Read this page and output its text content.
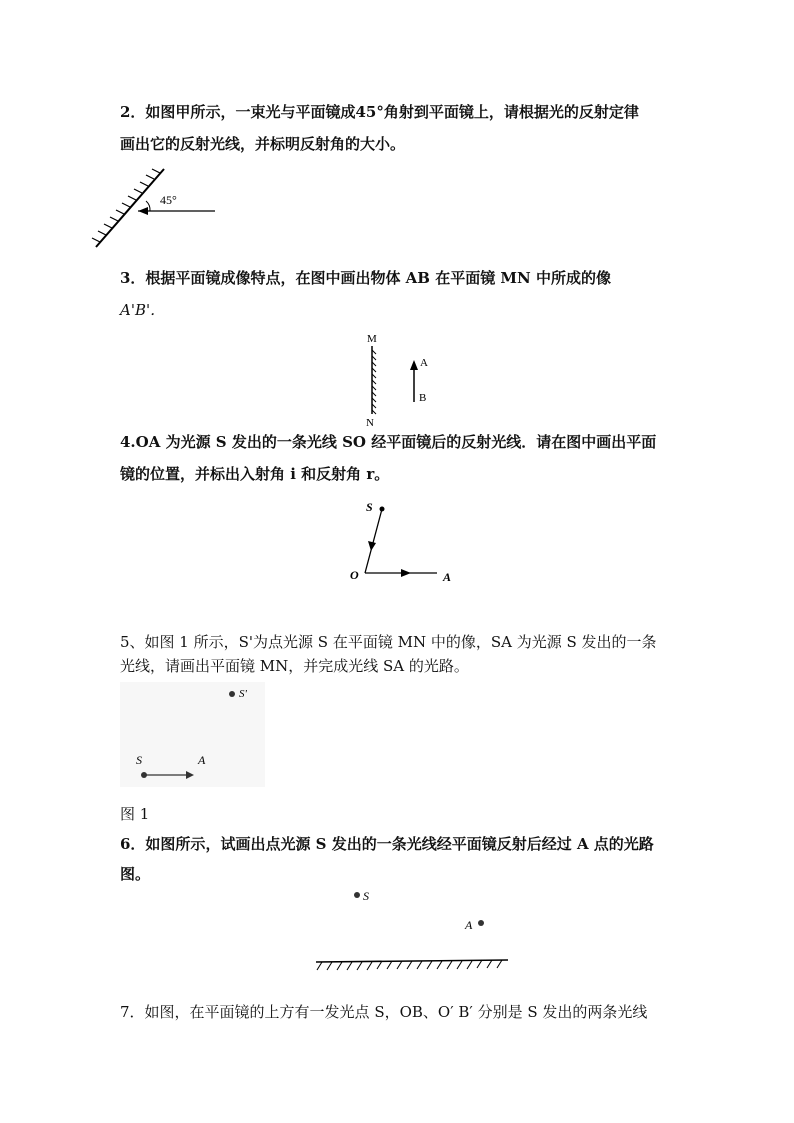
2．如图甲所示，一束光与平面镜成45°角射到平面镜上，请根据光的反射定律
画出它的反射光线，并标明反射角的大小。
45°
3．根据平面镜成像特点，在图中画出物体 AB 在平面镜 MN 中所成的像
A'B'．
M
N
A
B
4.OA 为光源 S 发出的一条光线 SO 经平面镜后的反射光线．请在图中画出平面
镜的位置，并标出入射角 i 和反射角 r。
S
O	A
5、如图 1 所示，S'为点光源 S 在平面镜 MN 中的像，SA 为光源 S 发出的一条
光线，请画出平面镜 MN，并完成光线 SA 的光路。
S'
S	A
图 1
6．如图所示，试画出点光源 S 发出的一条光线经平面镜反射后经过 A 点的光路
图。
S
A
7．如图，在平面镜的上方有一发光点 S，OB、O′ B′ 分别是 S 发出的两条光线
